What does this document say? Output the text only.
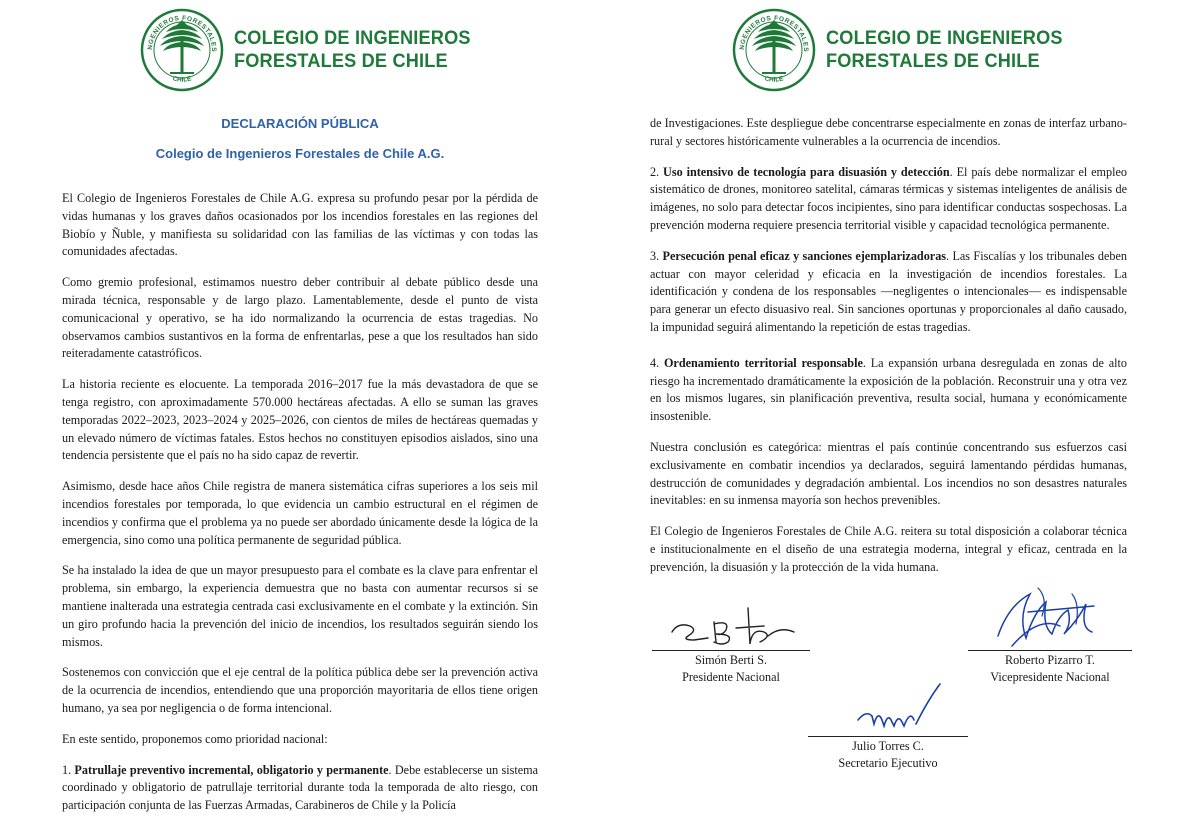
NGENIEROS FORESTALES
CHILE
COLEGIO DE INGENIEROS
FORESTALES DE CHILE
DECLARACIÓN PÚBLICA
Colegio de Ingenieros Forestales de Chile A.G.

El Colegio de Ingenieros Forestales de Chile A.G. expresa su profundo pesar por la pérdida de vidas humanas y los graves daños ocasionados por los incendios forestales en las regiones del Biobío y Ñuble, y manifiesta su solidaridad con las familias de las víctimas y con todas las comunidades afectadas.

Como gremio profesional, estimamos nuestro deber contribuir al debate público desde una mirada técnica, responsable y de largo plazo. Lamentablemente, desde el punto de vista comunicacional y operativo, se ha ido normalizando la ocurrencia de estas tragedias. No observamos cambios sustantivos en la forma de enfrentarlas, pese a que los resultados han sido reiteradamente catastróficos.

La historia reciente es elocuente. La temporada 2016–2017 fue la más devastadora de que se tenga registro, con aproximadamente 570.000 hectáreas afectadas. A ello se suman las graves temporadas 2022–2023, 2023–2024 y 2025–2026, con cientos de miles de hectáreas quemadas y un elevado número de víctimas fatales. Estos hechos no constituyen episodios aislados, sino una tendencia persistente que el país no ha sido capaz de revertir.

Asimismo, desde hace años Chile registra de manera sistemática cifras superiores a los seis mil incendios forestales por temporada, lo que evidencia un cambio estructural en el régimen de incendios y confirma que el problema ya no puede ser abordado únicamente desde la lógica de la emergencia, sino como una política permanente de seguridad pública.

Se ha instalado la idea de que un mayor presupuesto para el combate es la clave para enfrentar el problema, sin embargo, la experiencia demuestra que no basta con aumentar recursos si se mantiene inalterada una estrategia centrada casi exclusivamente en el combate y la extinción. Sin un giro profundo hacia la prevención del inicio de incendios, los resultados seguirán siendo los mismos.

Sostenemos con convicción que el eje central de la política pública debe ser la prevención activa de la ocurrencia de incendios, entendiendo que una proporción mayoritaria de ellos tiene origen humano, ya sea por negligencia o de forma intencional.

En este sentido, proponemos como prioridad nacional:

1. Patrullaje preventivo incremental, obligatorio y permanente. Debe establecerse un sistema coordinado y obligatorio de patrullaje territorial durante toda la temporada de alto riesgo, con participación conjunta de las Fuerzas Armadas, Carabineros de Chile y la Policía

NGENIEROS FORESTALES
CHILE
COLEGIO DE INGENIEROS
FORESTALES DE CHILE

de Investigaciones. Este despliegue debe concentrarse especialmente en zonas de interfaz urbano-rural y sectores históricamente vulnerables a la ocurrencia de incendios.

2. Uso intensivo de tecnología para disuasión y detección. El país debe normalizar el empleo sistemático de drones, monitoreo satelital, cámaras térmicas y sistemas inteligentes de análisis de imágenes, no solo para detectar focos incipientes, sino para identificar conductas sospechosas. La prevención moderna requiere presencia territorial visible y capacidad tecnológica permanente.

3. Persecución penal eficaz y sanciones ejemplarizadoras. Las Fiscalías y los tribunales deben actuar con mayor celeridad y eficacia en la investigación de incendios forestales. La identificación y condena de los responsables —negligentes o intencionales— es indispensable para generar un efecto disuasivo real. Sin sanciones oportunas y proporcionales al daño causado, la impunidad seguirá alimentando la repetición de estas tragedias.

4. Ordenamiento territorial responsable. La expansión urbana desregulada en zonas de alto riesgo ha incrementado dramáticamente la exposición de la población. Reconstruir una y otra vez en los mismos lugares, sin planificación preventiva, resulta social, humana y económicamente insostenible.

Nuestra conclusión es categórica: mientras el país continúe concentrando sus esfuerzos casi exclusivamente en combatir incendios ya declarados, seguirá lamentando pérdidas humanas, destrucción de comunidades y degradación ambiental. Los incendios no son desastres naturales inevitables: en su inmensa mayoría son hechos prevenibles.

El Colegio de Ingenieros Forestales de Chile A.G. reitera su total disposición a colaborar técnica e institucionalmente en el diseño de una estrategia moderna, integral y eficaz, centrada en la prevención, la disuasión y la protección de la vida humana.

Simón Berti S.
Presidente Nacional
Roberto Pizarro T.
Vicepresidente Nacional
Julio Torres C.
Secretario Ejecutivo
